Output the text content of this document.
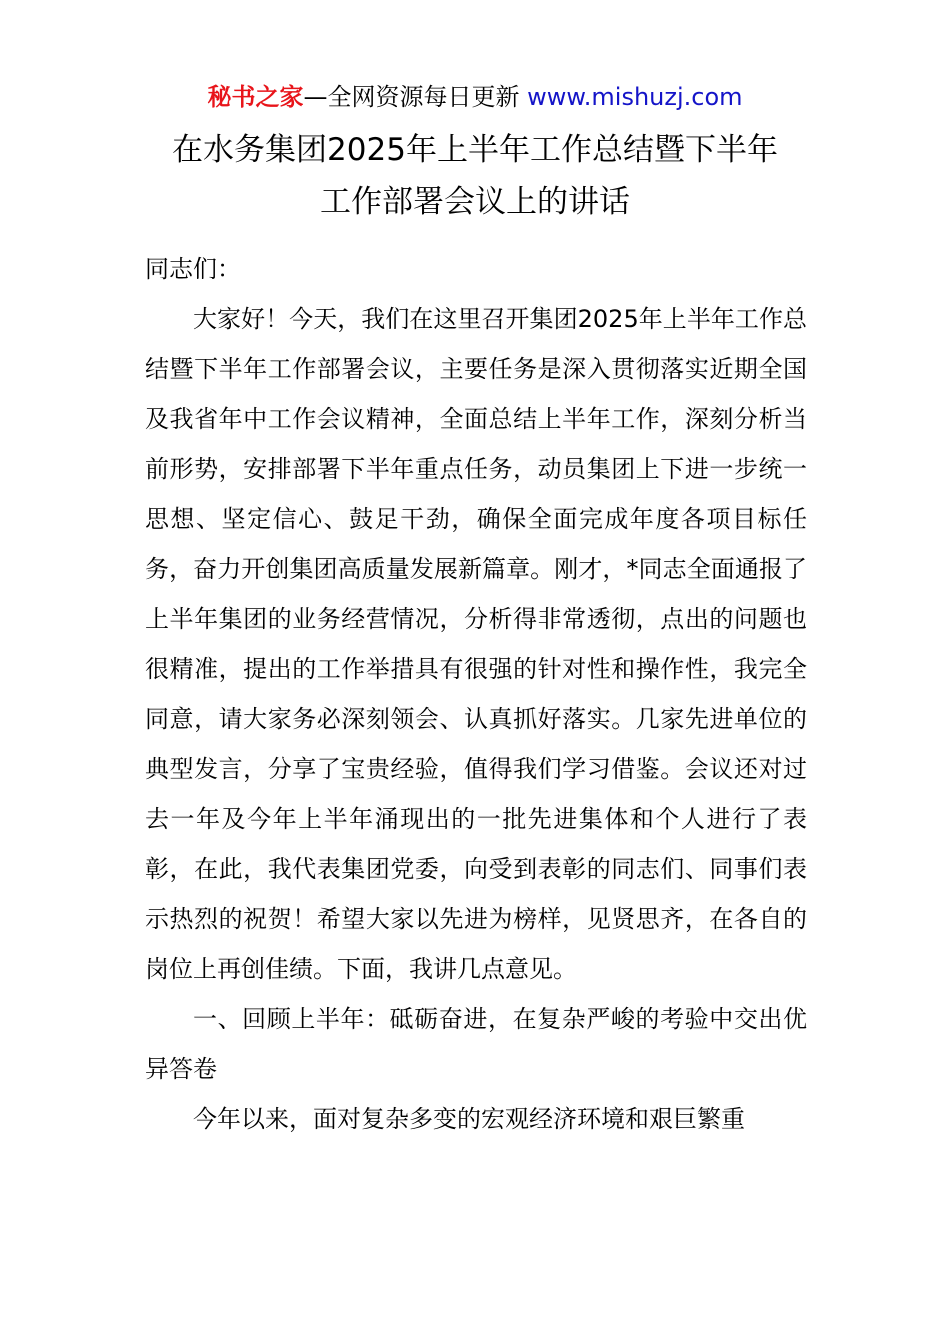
秘书之家—全网资源每日更新 www.mishuzj.com
在水务集团2025年上半年工作总结暨下半年
工作部署会议上的讲话

同志们：

大家好！今天，我们在这里召开集团2025年上半年工作总结暨下半年工作部署会议，主要任务是深入贯彻落实近期全国及我省年中工作会议精神，全面总结上半年工作，深刻分析当前形势，安排部署下半年重点任务，动员集团上下进一步统一思想、坚定信心、鼓足干劲，确保全面完成年度各项目标任务，奋力开创集团高质量发展新篇章。刚才，*同志全面通报了上半年集团的业务经营情况，分析得非常透彻，点出的问题也很精准，提出的工作举措具有很强的针对性和操作性，我完全同意，请大家务必深刻领会、认真抓好落实。几家先进单位的典型发言，分享了宝贵经验，值得我们学习借鉴。会议还对过去一年及今年上半年涌现出的一批先进集体和个人进行了表彰，在此，我代表集团党委，向受到表彰的同志们、同事们表示热烈的祝贺！希望大家以先进为榜样，见贤思齐，在各自的岗位上再创佳绩。下面，我讲几点意见。

一、回顾上半年：砥砺奋进，在复杂严峻的考验中交出优异答卷

今年以来，面对复杂多变的宏观经济环境和艰巨繁重
